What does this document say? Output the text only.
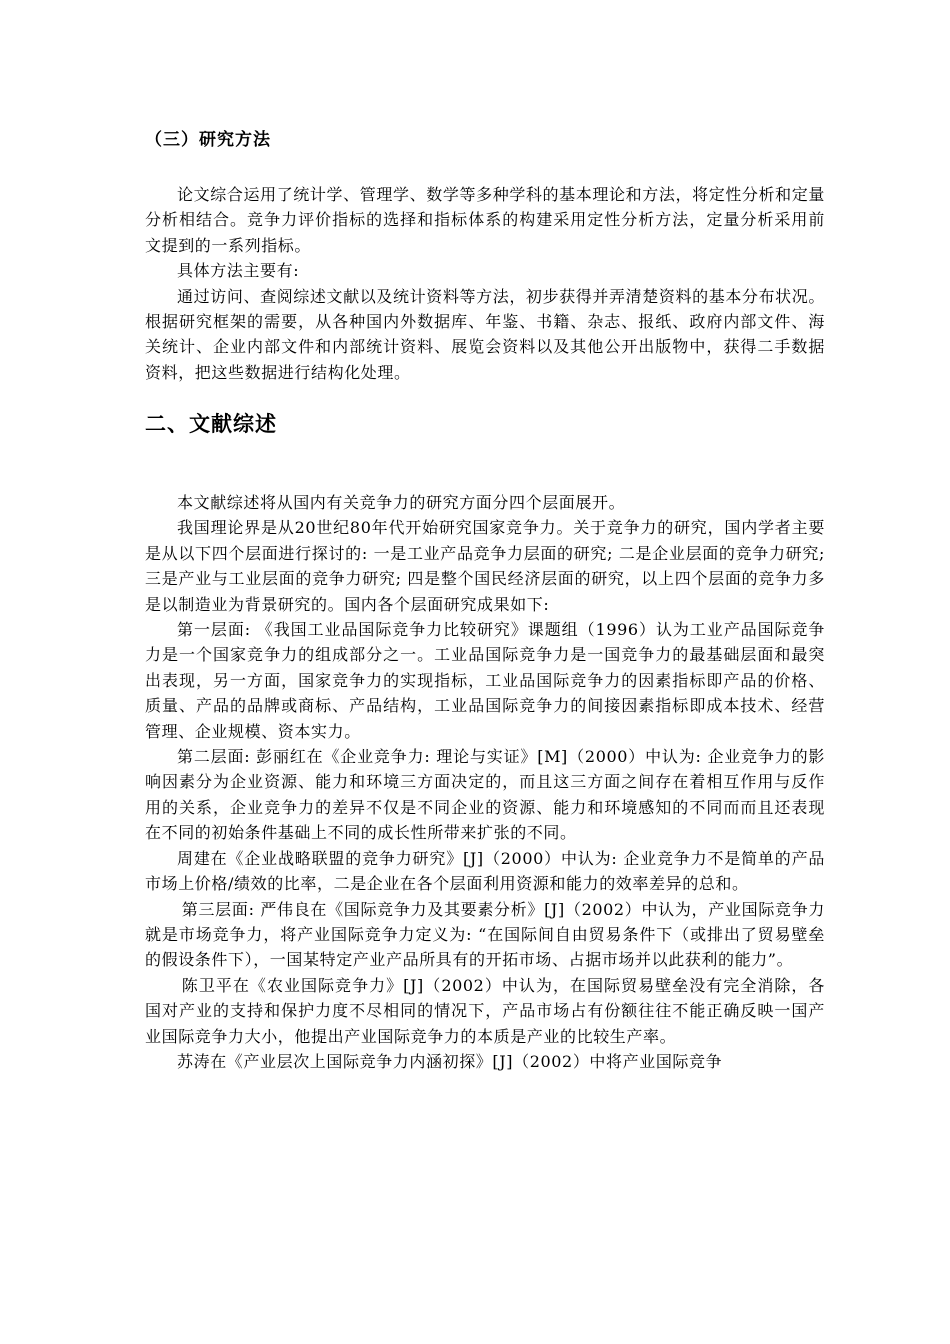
（三）研究方法

论文综合运用了统计学、管理学、数学等多种学科的基本理论和方法，将定性分析和定量分析相结合。竞争力评价指标的选择和指标体系的构建采用定性分析方法，定量分析采用前文提到的一系列指标。

具体方法主要有:

通过访问、查阅综述文献以及统计资料等方法，初步获得并弄清楚资料的基本分布状况。根据研究框架的需要，从各种国内外数据库、年鉴、书籍、杂志、报纸、政府内部文件、海关统计、企业内部文件和内部统计资料、展览会资料以及其他公开出版物中，获得二手数据资料，把这些数据进行结构化处理。

二、文献综述

本文献综述将从国内有关竞争力的研究方面分四个层面展开。

我国理论界是从20世纪80年代开始研究国家竞争力。关于竞争力的研究，国内学者主要是从以下四个层面进行探讨的: 一是工业产品竞争力层面的研究; 二是企业层面的竞争力研究; 三是产业与工业层面的竞争力研究; 四是整个国民经济层面的研究，以上四个层面的竞争力多是以制造业为背景研究的。国内各个层面研究成果如下:

第一层面: 《我国工业品国际竞争力比较研究》课题组（1996）认为工业产品国际竞争力是一个国家竞争力的组成部分之一。工业品国际竞争力是一国竞争力的最基础层面和最突出表现，另一方面，国家竞争力的实现指标，工业品国际竞争力的因素指标即产品的价格、质量、产品的品牌或商标、产品结构，工业品国际竞争力的间接因素指标即成本技术、经营管理、企业规模、资本实力。

第二层面: 彭丽红在《企业竞争力: 理论与实证》[M]（2000）中认为: 企业竞争力的影响因素分为企业资源、能力和环境三方面决定的，而且这三方面之间存在着相互作用与反作用的关系，企业竞争力的差异不仅是不同企业的资源、能力和环境感知的不同而而且还表现在不同的初始条件基础上不同的成长性所带来扩张的不同。

周建在《企业战略联盟的竞争力研究》[J]（2000）中认为: 企业竞争力不是简单的产品市场上价格/绩效的比率，二是企业在各个层面利用资源和能力的效率差异的总和。

第三层面: 严伟良在《国际竞争力及其要素分析》[J]（2002）中认为，产业国际竞争力就是市场竞争力，将产业国际竞争力定义为: “在国际间自由贸易条件下（或排出了贸易壁垒的假设条件下），一国某特定产业产品所具有的开拓市场、占据市场并以此获利的能力”。

陈卫平在《农业国际竞争力》[J]（2002）中认为，在国际贸易壁垒没有完全消除，各国对产业的支持和保护力度不尽相同的情况下，产品市场占有份额往往不能正确反映一国产业国际竞争力大小，他提出产业国际竞争力的本质是产业的比较生产率。

苏涛在《产业层次上国际竞争力内涵初探》[J]（2002）中将产业国际竞争
